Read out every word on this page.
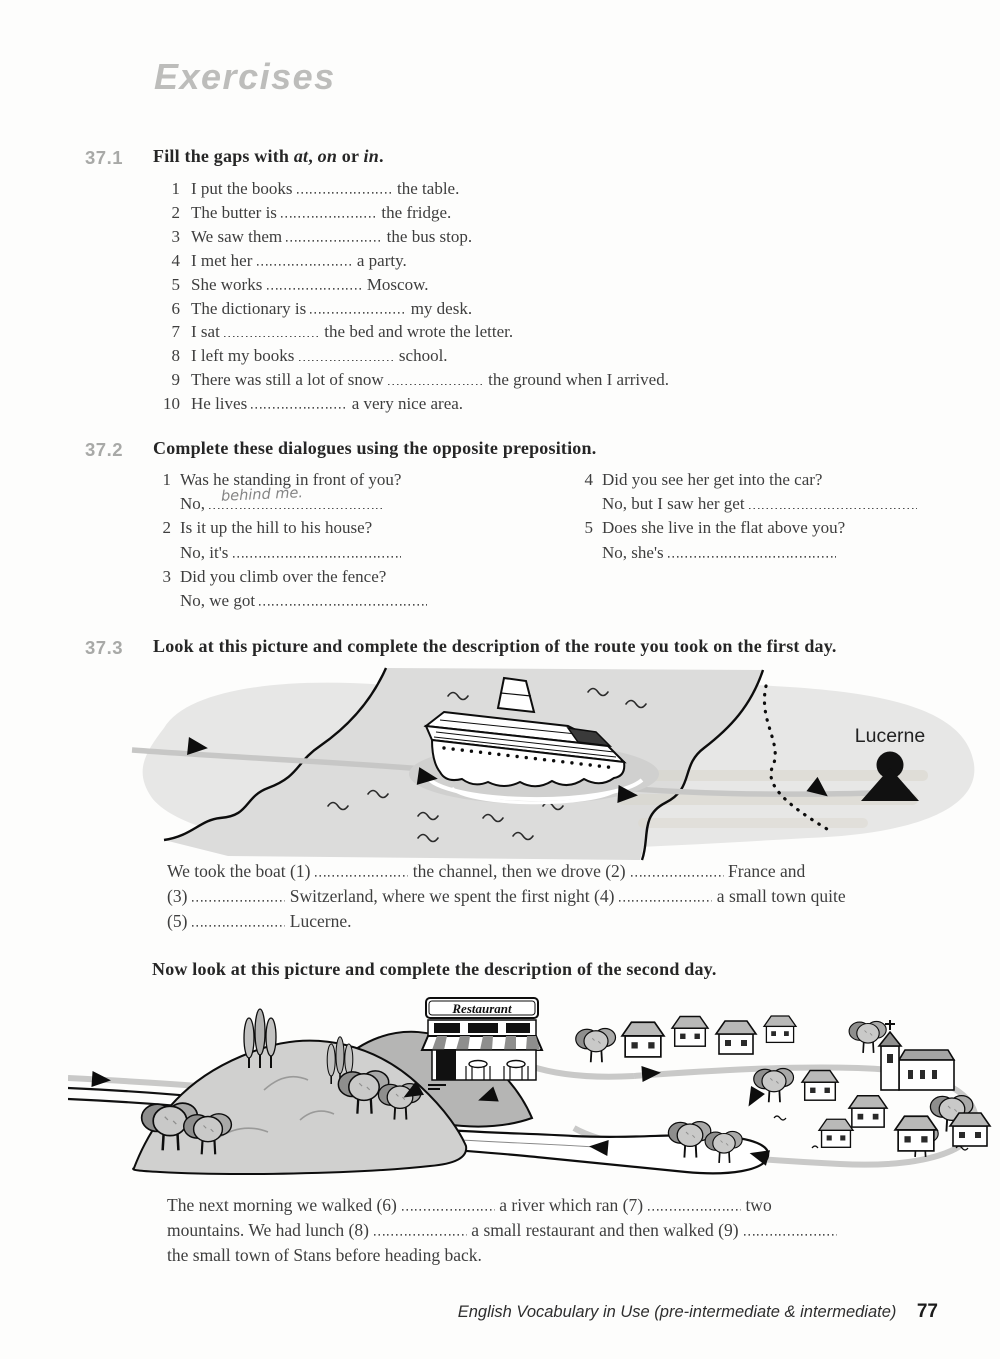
Exercises
37.1	Fill the gaps with at, on or in.
1 I put the books	the table.
2 The butter is	the fridge.
3 We saw them	the bus stop.
4 I met her	a party.
5 She works	Moscow.
6 The dictionary is	my desk.
7 I sat	the bed and wrote the letter.
8 I left my books	school.
9 There was still a lot of snow	the ground when I arrived.
10 He lives	a very nice area.
37.2	Complete these dialogues using the opposite preposition.
1 Was he standing in front of you?
No, behind me.
2 Is it up the hill to his house?
No, it's
3 Did you climb over the fence?
No, we got
4 Did you see her get into the car?
No, but I saw her get
5 Does she live in the flat above you?
No, she's
37.3	Look at this picture and complete the description of the route you took on the first day.
Lucerne
We took the boat (1)	the channel, then we drove (2)	France and
(3)	Switzerland, where we spent the first night (4)	a small town quite
(5)	Lucerne.
Now look at this picture and complete the description of the second day.
Restaurant
The next morning we walked (6)	a river which ran (7)	two
mountains. We had lunch (8)	a small restaurant and then walked (9)
the small town of Stans before heading back.
English Vocabulary in Use (pre-intermediate & intermediate) 77
